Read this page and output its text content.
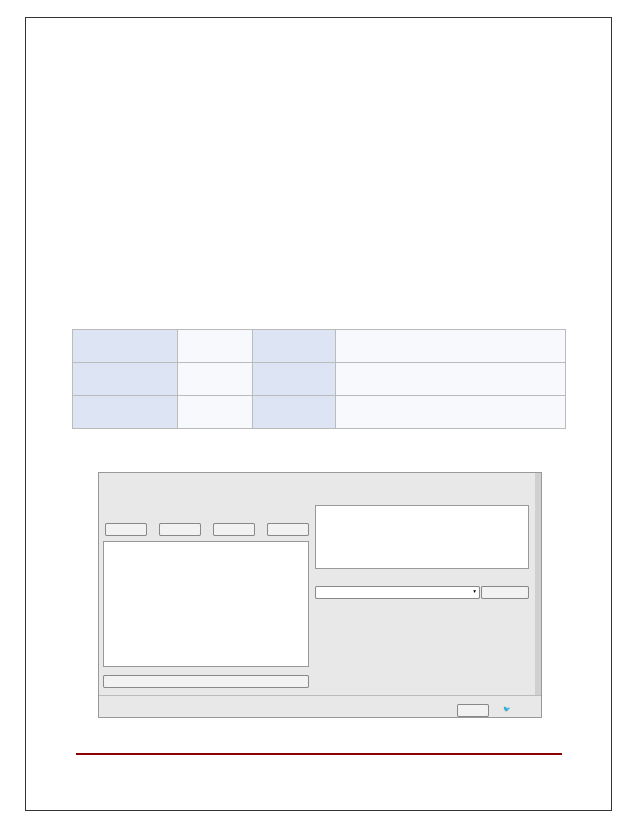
▾
🐦
